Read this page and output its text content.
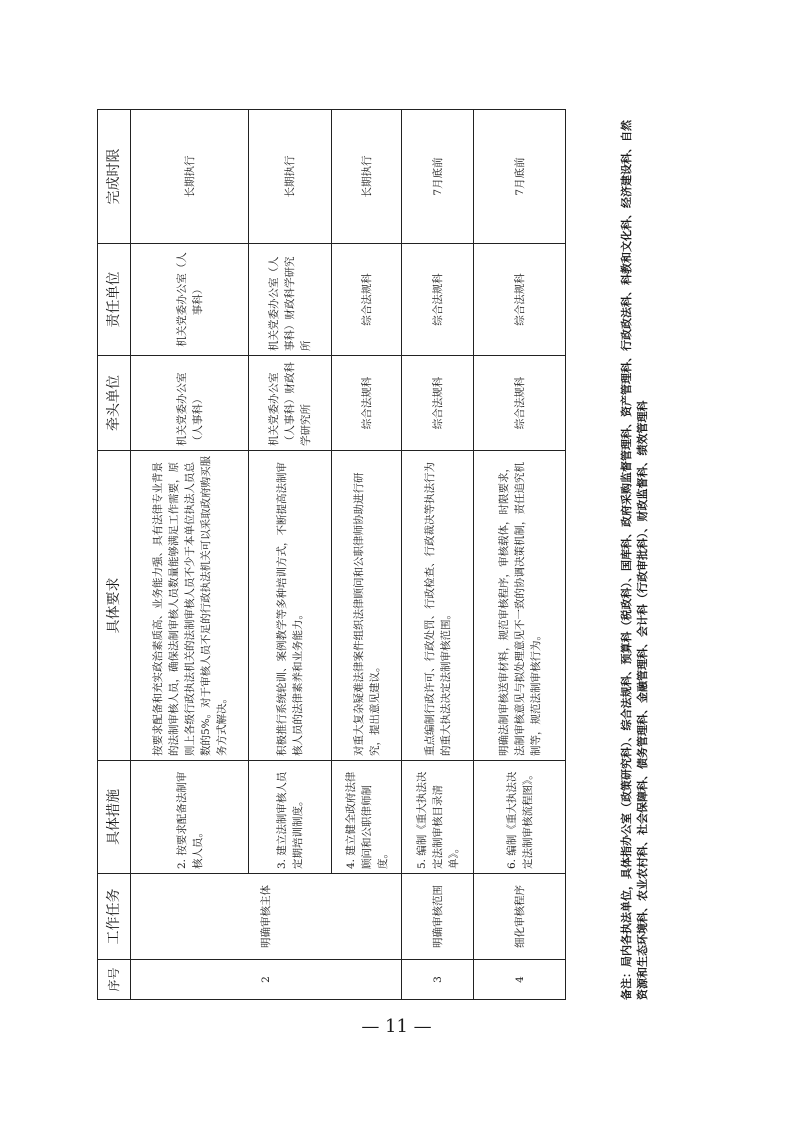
序号	工作任务	具体措施	具体要求	牵头单位	责任单位	完成时限
2	明确审核主体	2. 按要求配备法制审核人员。	按要求配备和充实政治素质高、业务能力强、具有法律专业背景的法制审核人员，确保法制审核人员数量能够满足工作需要，原则上各级行政执法机关的法制审核人员不少于本单位执法人员总数的5%。对于审核人员不足的行政执法机关可以采取政府购买服务方式解决。	机关党委办公室（人事科）	机关党委办公室（人事科）	长期执行
		3. 建立法制审核人员定期培训制度。	积极推行系统轮训、案例教学等多种培训方式，不断提高法制审核人员的法律素养和业务能力。	机关党委办公室（人事科）财政科学研究所	机关党委办公室（人事科）财政科学研究所	长期执行
		4. 建立健全政府法律顾问和公职律师制度。	对重大复杂疑难法律案件组织法律顾问和公职律师协助进行研究，提出意见建议。	综合法规科	综合法规科	长期执行
3	明确审核范围	5. 编制《重大执法决定法制审核目录清单》。	重点编制行政许可、行政处罚、行政检查、行政裁决等执法行为的重大执法决定法制审核范围。	综合法规科	综合法规科	7月底前
4	细化审核程序	6. 编制《重大执法决定法制审核流程图》。	明确法制审核送审材料，规范审核程序，审核载体，时限要求，法制审核意见与拟处理意见不一致的协调决策机制，责任追究机制等，规范法制审核行为。	综合法规科	综合法规科	7月底前
备注：局内各执法单位，具体指办公室（政策研究科）、综合法规科、预算科（税政科）、国库科、政府采购监督管理科、资产管理科、行政政法科、科教和文化科、经济建设科、自然资源和生态环境科、农业农村科、社会保障科、债务管理科、金融管理科、会计科（行政审批科）、财政监督科、绩效管理科
— 11 —
